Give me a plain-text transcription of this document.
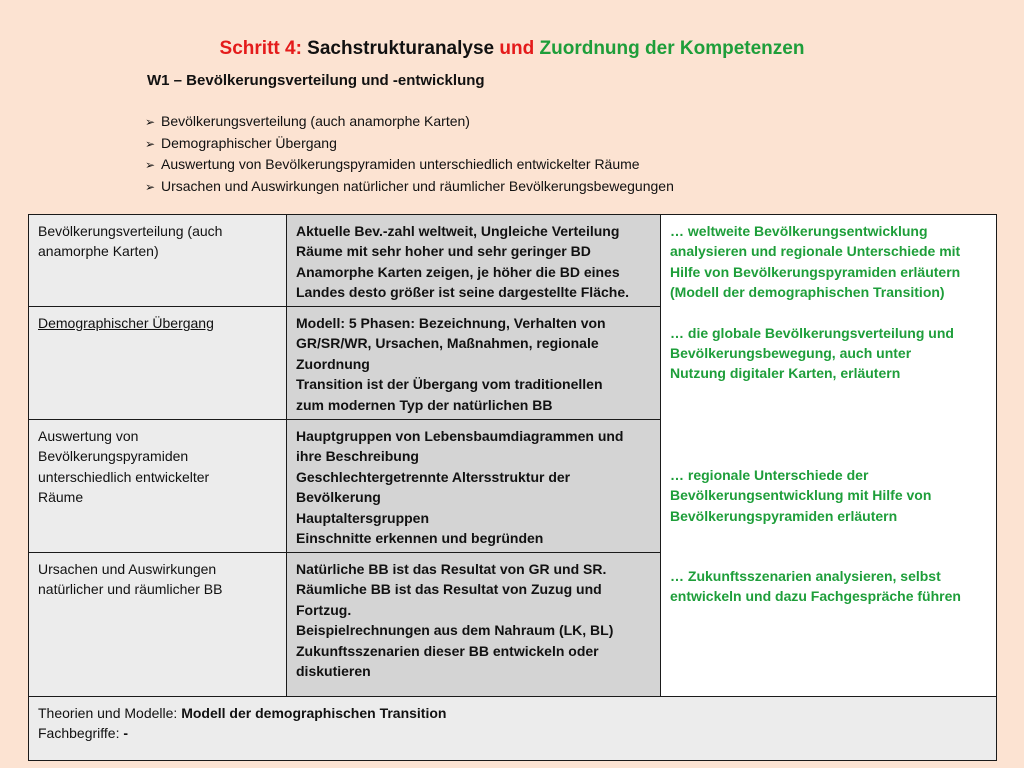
Schritt 4: Sachstrukturanalyse und Zuordnung der Kompetenzen
W1 – Bevölkerungsverteilung und -entwicklung
➢ Bevölkerungsverteilung (auch anamorphe Karten)
➢ Demographischer Übergang
➢ Auswertung von Bevölkerungspyramiden unterschiedlich entwickelter Räume
➢ Ursachen und Auswirkungen natürlicher und räumlicher Bevölkerungsbewegungen
Bevölkerungsverteilung (auch
anamorphe Karten)
Aktuelle Bev.-zahl weltweit, Ungleiche Verteilung
Räume mit sehr hoher und sehr geringer BD
Anamorphe Karten zeigen, je höher die BD eines
Landes desto größer ist seine dargestellte Fläche.
… weltweite Bevölkerungsentwicklung
analysieren und regionale Unterschiede mit
Hilfe von Bevölkerungspyramiden erläutern
(Modell der demographischen Transition)
… die globale Bevölkerungsverteilung und
Bevölkerungsbewegung, auch unter
Nutzung digitaler Karten, erläutern
… regionale Unterschiede der
Bevölkerungsentwicklung mit Hilfe von
Bevölkerungspyramiden erläutern
… Zukunftsszenarien analysieren, selbst
entwickeln und dazu Fachgespräche führen
Demographischer Übergang	Modell: 5 Phasen: Bezeichnung, Verhalten von
GR/SR/WR, Ursachen, Maßnahmen, regionale
Zuordnung
Transition ist der Übergang vom traditionellen
zum modernen Typ der natürlichen BB
Auswertung von
Bevölkerungspyramiden
unterschiedlich entwickelter
Räume
Hauptgruppen von Lebensbaumdiagrammen und
ihre Beschreibung
Geschlechtergetrennte Altersstruktur der
Bevölkerung
Hauptaltersgruppen
Einschnitte erkennen und begründen
Ursachen und Auswirkungen
natürlicher und räumlicher BB
Natürliche BB ist das Resultat von GR und SR.
Räumliche BB ist das Resultat von Zuzug und
Fortzug.
Beispielrechnungen aus dem Nahraum (LK, BL)
Zukunftsszenarien dieser BB entwickeln oder
diskutieren
Theorien und Modelle: Modell der demographischen Transition
Fachbegriffe: -
